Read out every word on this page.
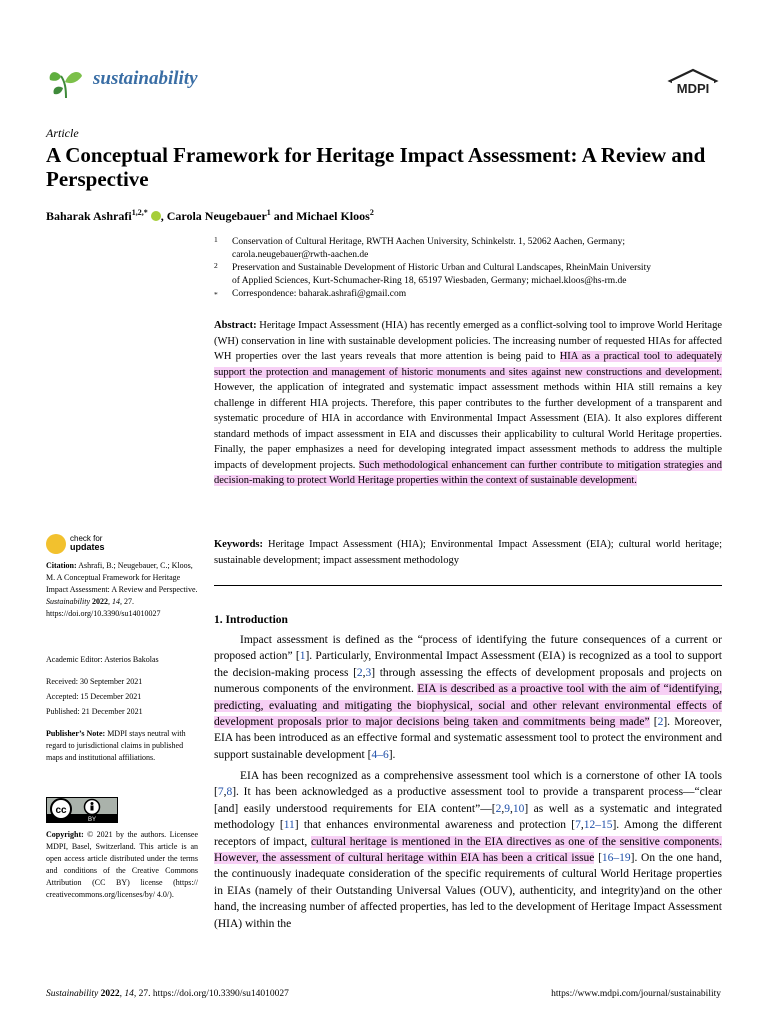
sustainability	MDPI
Article
A Conceptual Framework for Heritage Impact Assessment: A Review and Perspective
Baharak Ashrafi$^{1,2,*}$ , Carola Neugebauer$^1$ and Michael Kloos$^2$
1 Conservation of Cultural Heritage, RWTH Aachen University, Schinkelstr. 1, 52062 Aachen, Germany;
carola.neugebauer@rwth-aachen.de
2 Preservation and Sustainable Development of Historic Urban and Cultural Landscapes, RheinMain University
of Applied Sciences, Kurt-Schumacher-Ring 18, 65197 Wiesbaden, Germany; michael.kloos@hs-rm.de
* Correspondence: baharak.ashrafi@gmail.com
Abstract: Heritage Impact Assessment (HIA) has recently emerged as a conflict-solving tool to improve World Heritage (WH) conservation in line with sustainable development policies. The increasing number of requested HIAs for affected WH properties over the last years reveals that more attention is being paid to HIA as a practical tool to adequately support the protection and management of historic monuments and sites against new constructions and development. However, the application of integrated and systematic impact assessment methods within HIA still remains a key challenge in different HIA projects. Therefore, this paper contributes to the further development of a transparent and systematic procedure of HIA in accordance with Environmental Impact Assessment (EIA). It also explores different standard methods of impact assessment in EIA and discusses their applicability to cultural World Heritage properties. Finally, the paper emphasizes a need for developing integrated impact assessment methods to address the multiple impacts of development projects. Such methodological enhancement can further contribute to mitigation strategies and decision-making to protect World Heritage properties within the context of sustainable development.
Keywords: Heritage Impact Assessment (HIA); Environmental Impact Assessment (EIA); cultural world heritage; sustainable development; impact assessment methodology
1. Introduction
Impact assessment is defined as the “process of identifying the future consequences of a current or proposed action” [1]. Particularly, Environmental Impact Assessment (EIA) is recognized as a tool to support the decision-making process [2,3] through assessing the effects of development proposals and projects on numerous components of the environment. EIA is described as a proactive tool with the aim of “identifying, predicting, evaluating and mitigating the biophysical, social and other relevant environmental effects of development proposals prior to major decisions being taken and commitments being made” [2]. Moreover, EIA has been introduced as an effective formal and systematic assessment tool to protect the environment and support sustainable development [4–6].
EIA has been recognized as a comprehensive assessment tool which is a cornerstone of other IA tools [7,8]. It has been acknowledged as a productive assessment tool to provide a transparent process—“clear [and] easily understood requirements for EIA content”—[2,9,10] as well as a systematic and integrated methodology [11] that enhances environmental awareness and protection [7,12–15]. Among the different receptors of impact, cultural heritage is mentioned in the EIA directives as one of the sensitive components. However, the assessment of cultural heritage within EIA has been a critical issue [16–19]. On the one hand, the continuously inadequate consideration of the specific requirements of cultural World Heritage properties in EIAs (namely of their Outstanding Universal Values (OUV), authenticity, and integrity)and on the other hand, the increasing number of affected properties, has led to the development of Heritage Impact Assessment (HIA) within the
check for
updates
Citation: Ashrafi, B.; Neugebauer, C.; Kloos, M. A Conceptual Framework for Heritage Impact Assessment: A Review and Perspective. Sustainability 2022, 14, 27. https://doi.org/10.3390/su14010027
Academic Editor: Asterios Bakolas
Received: 30 September 2021
Accepted: 15 December 2021
Published: 21 December 2021
Publisher’s Note: MDPI stays neutral with regard to jurisdictional claims in published maps and institutional affiliations.
cc
BY
Copyright: © 2021 by the authors. Licensee MDPI, Basel, Switzerland. This article is an open access article distributed under the terms and conditions of the Creative Commons Attribution (CC BY) license (https:// creativecommons.org/licenses/by/ 4.0/).
Sustainability 2022, 14, 27. https://doi.org/10.3390/su14010027	https://www.mdpi.com/journal/sustainability
